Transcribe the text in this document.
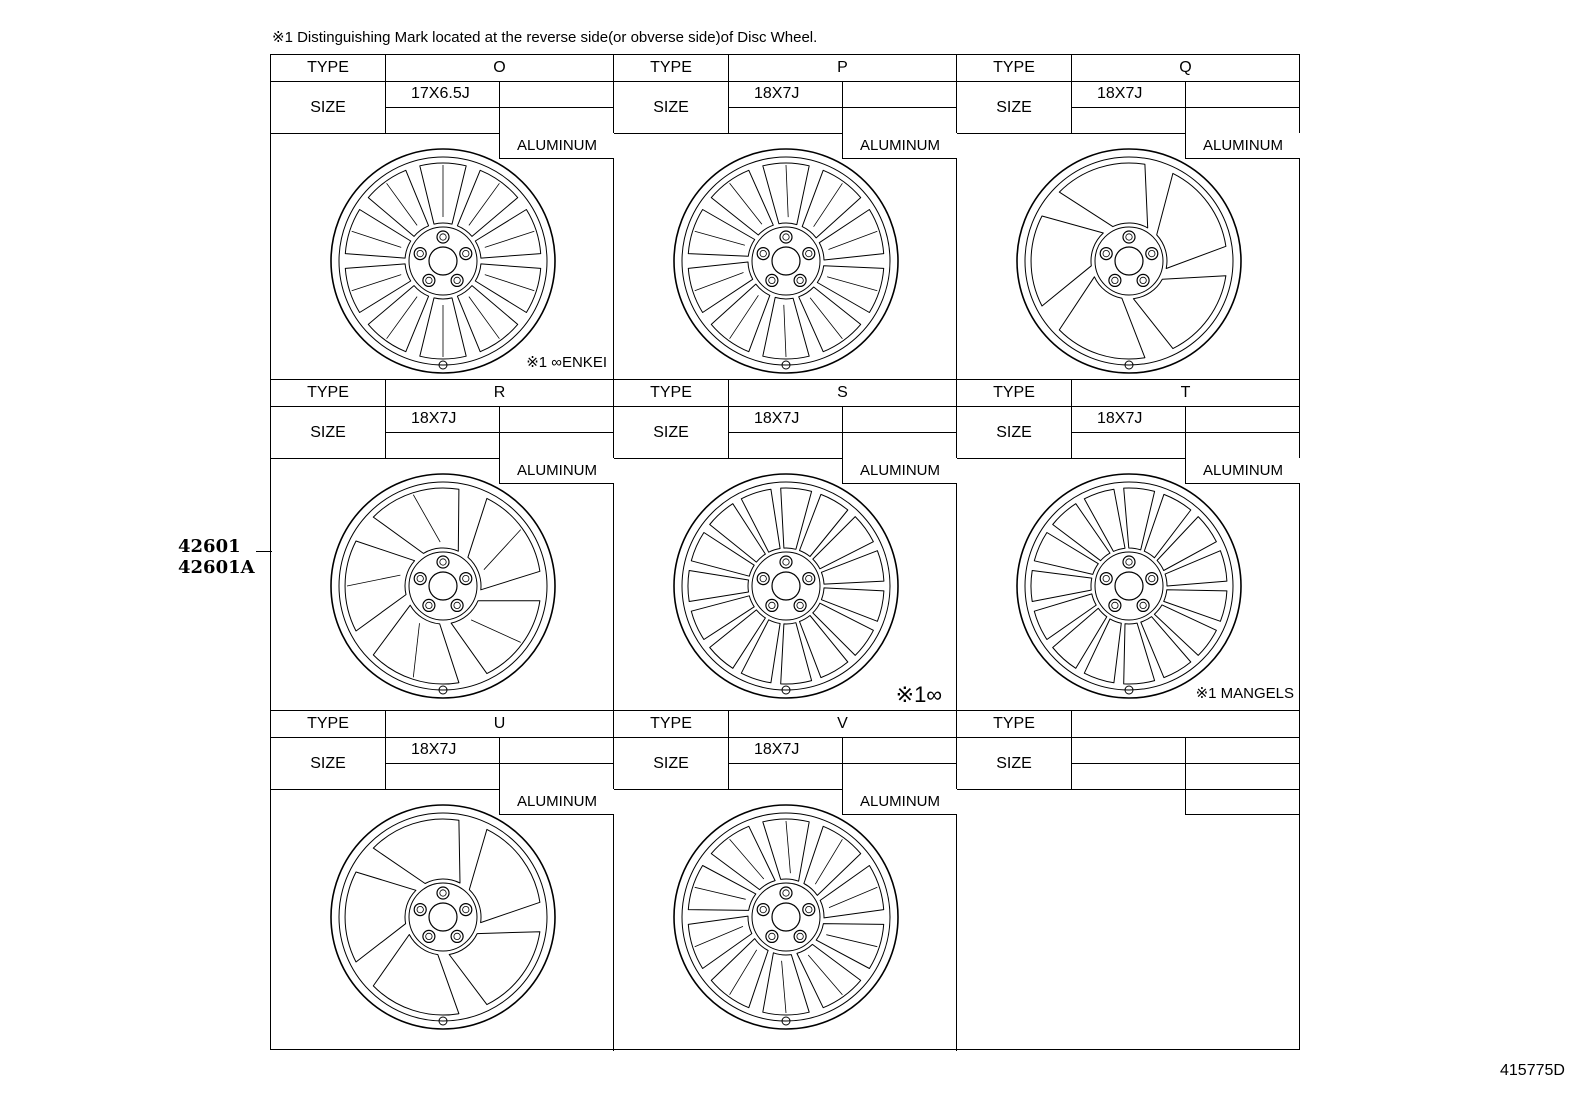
※1 Distinguishing Mark located at the reverse side(or obverse side)of Disc Wheel.
42601
42601A
415775D
TYPE
SIZE
O
17X6.5J
ALUMINUM
※1 ∞ENKEI
TYPE
SIZE
P
18X7J
ALUMINUM
TYPE
SIZE
Q
18X7J
ALUMINUM
TYPE
SIZE
R
18X7J
ALUMINUM
TYPE
SIZE
S
18X7J
ALUMINUM
※1∞
TYPE
SIZE
T
18X7J
ALUMINUM
※1 MANGELS
TYPE
SIZE
U
18X7J
ALUMINUM
TYPE
SIZE
V
18X7J
ALUMINUM
TYPE
SIZE
